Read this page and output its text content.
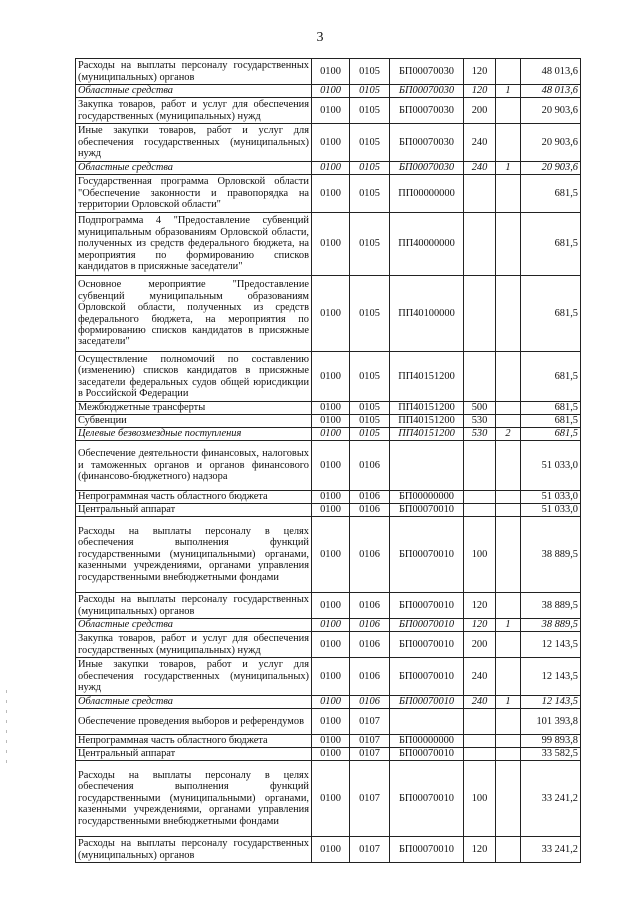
3
Расходы на выплаты персоналу государственных (муниципальных) органов	0100	0105	БП00070030	120		48 013,6
Областные средства	0100	0105	БП00070030	120	1	48 013,6
Закупка товаров, работ и услуг для обеспечения государственных (муниципальных) нужд	0100	0105	БП00070030	200		20 903,6
Иные закупки товаров, работ и услуг для обеспечения государственных (муниципальных) нужд	0100	0105	БП00070030	240		20 903,6
Областные средства	0100	0105	БП00070030	240	1	20 903,6
Государственная программа Орловской области "Обеспечение законности и правопорядка на территории Орловской области"	0100	0105	ПП00000000			681,5
Подпрограмма 4 "Предоставление субвенций муниципальным образованиям Орловской области, полученных из средств федерального бюджета, на мероприятия по формированию списков кандидатов в присяжные заседатели"	0100	0105	ПП40000000			681,5
Основное мероприятие "Предоставление субвенций муниципальным образованиям Орловской области, полученных из средств федерального бюджета, на мероприятия по формированию списков кандидатов в присяжные заседатели"	0100	0105	ПП40100000			681,5
Осуществление полномочий по составлению (изменению) списков кандидатов в присяжные заседатели федеральных судов общей юрисдикции в Российской Федерации	0100	0105	ПП40151200			681,5
Межбюджетные трансферты	0100	0105	ПП40151200	500		681,5
Субвенции	0100	0105	ПП40151200	530		681,5
Целевые безвозмездные поступления	0100	0105	ПП40151200	530	2	681,5
Обеспечение деятельности финансовых, налоговых и таможенных органов и органов финансового (финансово-бюджетного) надзора	0100	0106				51 033,0
Непрограммная часть областного бюджета	0100	0106	БП00000000			51 033,0
Центральный аппарат	0100	0106	БП00070010			51 033,0
Расходы на выплаты персоналу в целях обеспечения выполнения функций государственными (муниципальными) органами, казенными учреждениями, органами управления государственными внебюджетными фондами	0100	0106	БП00070010	100		38 889,5
Расходы на выплаты персоналу государственных (муниципальных) органов	0100	0106	БП00070010	120		38 889,5
Областные средства	0100	0106	БП00070010	120	1	38 889,5
Закупка товаров, работ и услуг для обеспечения государственных (муниципальных) нужд	0100	0106	БП00070010	200		12 143,5
Иные закупки товаров, работ и услуг для обеспечения государственных (муниципальных) нужд	0100	0106	БП00070010	240		12 143,5
Областные средства	0100	0106	БП00070010	240	1	12 143,5
Обеспечение проведения выборов и референдумов	0100	0107				101 393,8
Непрограммная часть областного бюджета	0100	0107	БП00000000			99 893,8
Центральный аппарат	0100	0107	БП00070010			33 582,5
Расходы на выплаты персоналу в целях обеспечения выполнения функций государственными (муниципальными) органами, казенными учреждениями, органами управления государственными внебюджетными фондами	0100	0107	БП00070010	100		33 241,2
Расходы на выплаты персоналу государственных (муниципальных) органов	0100	0107	БП00070010	120		33 241,2
